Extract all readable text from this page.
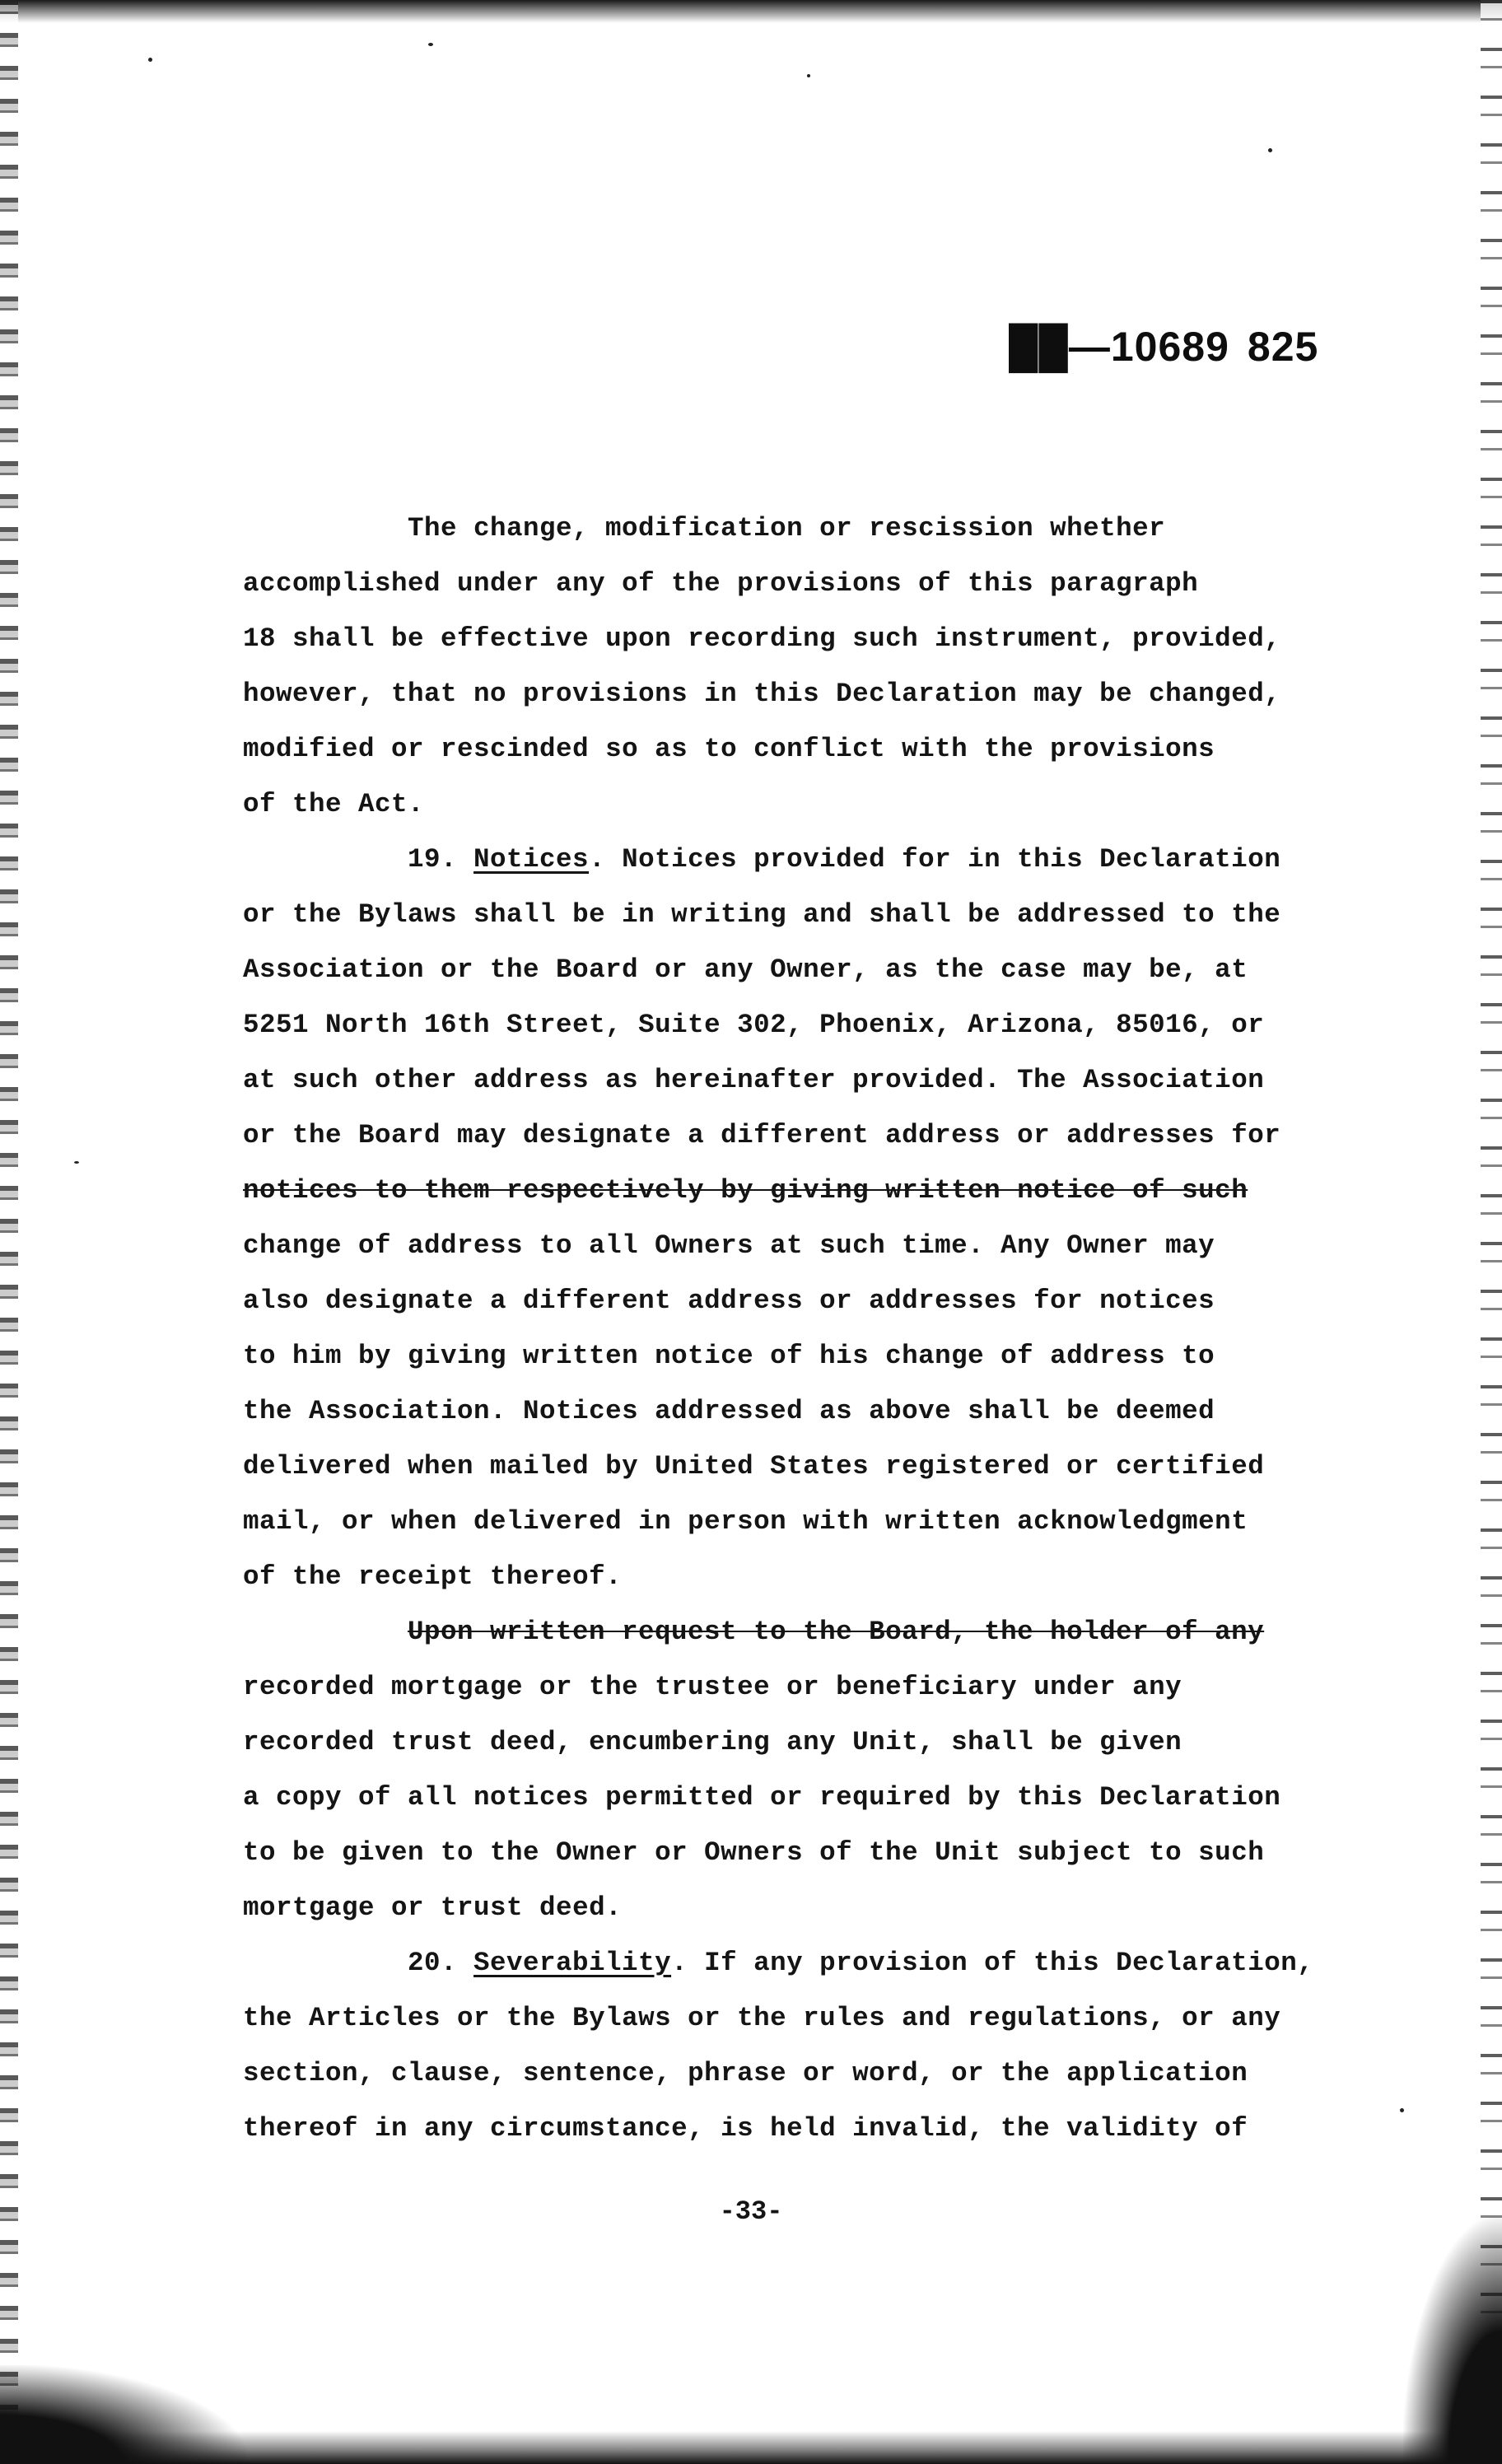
██—10689 825
The change, modification or rescission whether
accomplished under any of the provisions of this paragraph
18 shall be effective upon recording such instrument, provided,
however, that no provisions in this Declaration may be changed,
modified or rescinded so as to conflict with the provisions
of the Act.
19. Notices. Notices provided for in this Declaration
or the Bylaws shall be in writing and shall be addressed to the
Association or the Board or any Owner, as the case may be, at
5251 North 16th Street, Suite 302, Phoenix, Arizona, 85016, or
at such other address as hereinafter provided. The Association
or the Board may designate a different address or addresses for
notices to them respectively by giving written notice of such
change of address to all Owners at such time. Any Owner may
also designate a different address or addresses for notices
to him by giving written notice of his change of address to
the Association. Notices addressed as above shall be deemed
delivered when mailed by United States registered or certified
mail, or when delivered in person with written acknowledgment
of the receipt thereof.
Upon written request to the Board, the holder of any
recorded mortgage or the trustee or beneficiary under any
recorded trust deed, encumbering any Unit, shall be given
a copy of all notices permitted or required by this Declaration
to be given to the Owner or Owners of the Unit subject to such
mortgage or trust deed.
20. Severability. If any provision of this Declaration,
the Articles or the Bylaws or the rules and regulations, or any
section, clause, sentence, phrase or word, or the application
thereof in any circumstance, is held invalid, the validity of
-33-
